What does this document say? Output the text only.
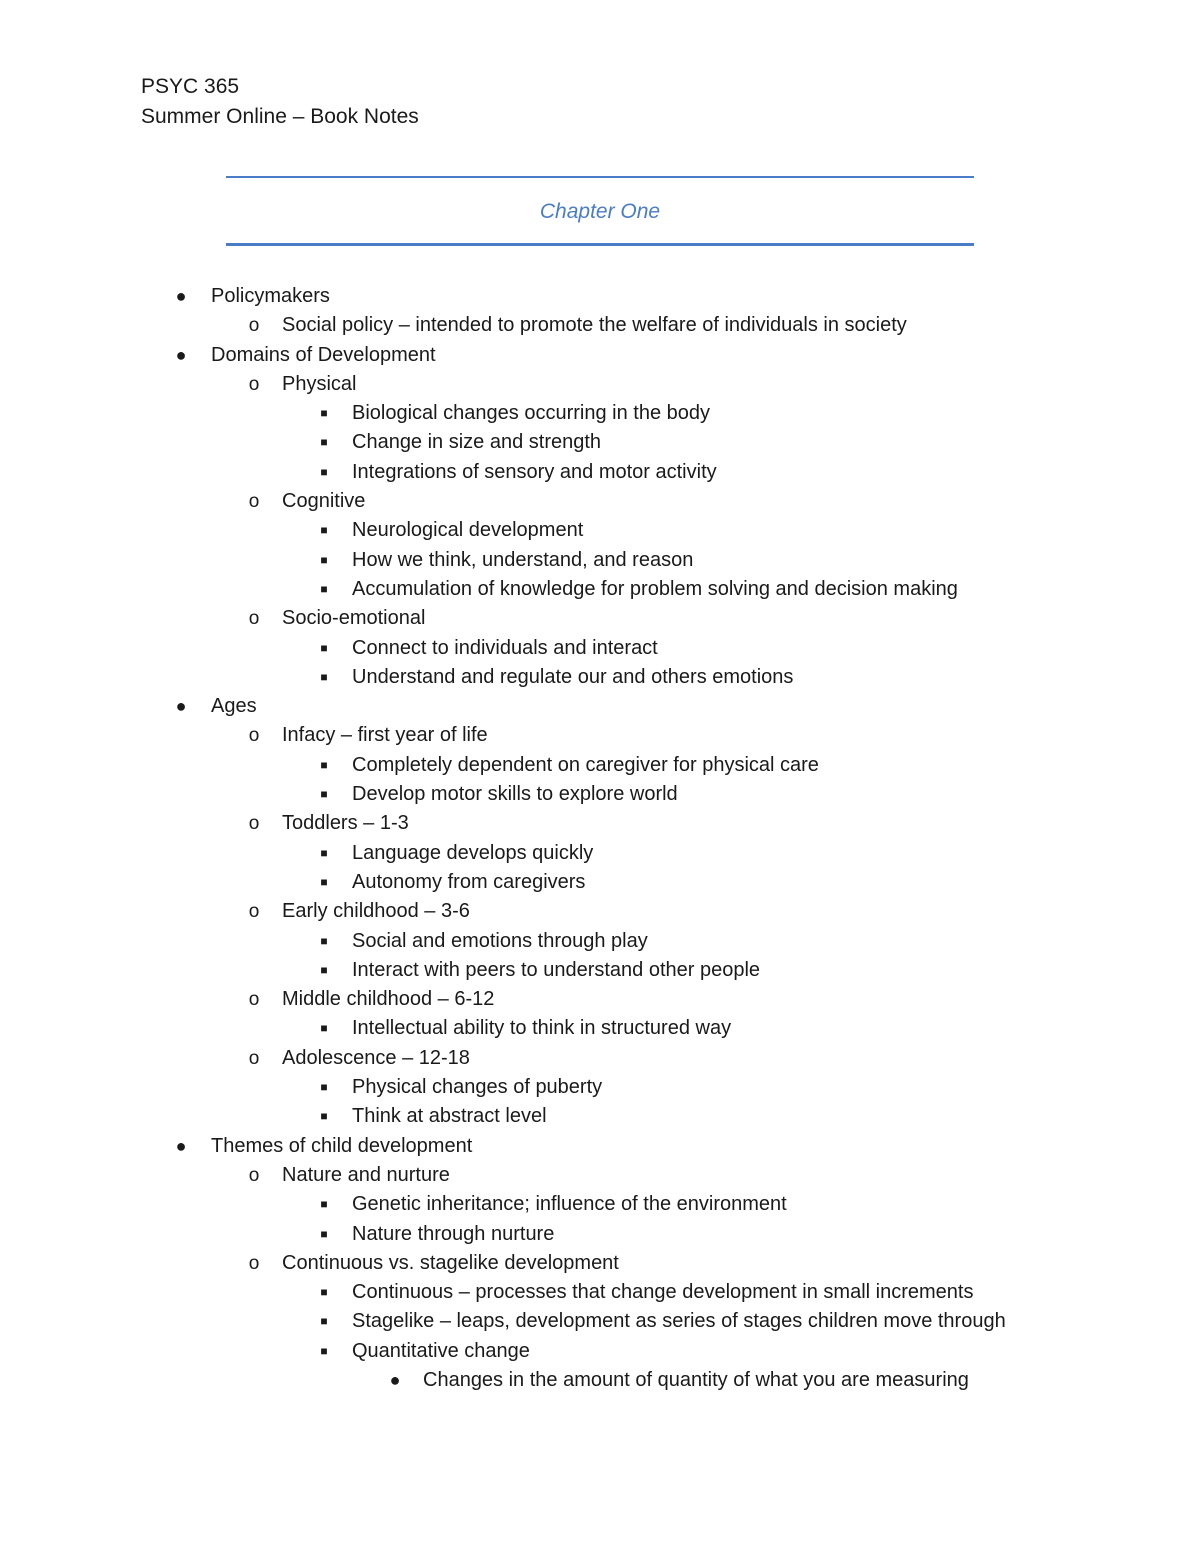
PSYC 365
Summer Online – Book Notes
Chapter One
● Policymakers
o Social policy – intended to promote the welfare of individuals in society
● Domains of Development
o Physical
■	Biological changes occurring in the body
■	Change in size and strength
■	Integrations of sensory and motor activity
o Cognitive
■	Neurological development
■	How we think, understand, and reason
■	Accumulation of knowledge for problem solving and decision making
o Socio-emotional
■	Connect to individuals and interact
■	Understand and regulate our and others emotions
● Ages
o Infacy – first year of life
■	Completely dependent on caregiver for physical care
■	Develop motor skills to explore world
o Toddlers – 1-3
■	Language develops quickly
■	Autonomy from caregivers
o Early childhood – 3-6
■	Social and emotions through play
■	Interact with peers to understand other people
o Middle childhood – 6-12
■	Intellectual ability to think in structured way
o Adolescence – 12-18
■	Physical changes of puberty
■	Think at abstract level
● Themes of child development
o Nature and nurture
■	Genetic inheritance; influence of the environment
■	Nature through nurture
o Continuous vs. stagelike development
■	Continuous – processes that change development in small increments
■	Stagelike – leaps, development as series of stages children move through
■	Quantitative change
● Changes in the amount of quantity of what you are measuring
